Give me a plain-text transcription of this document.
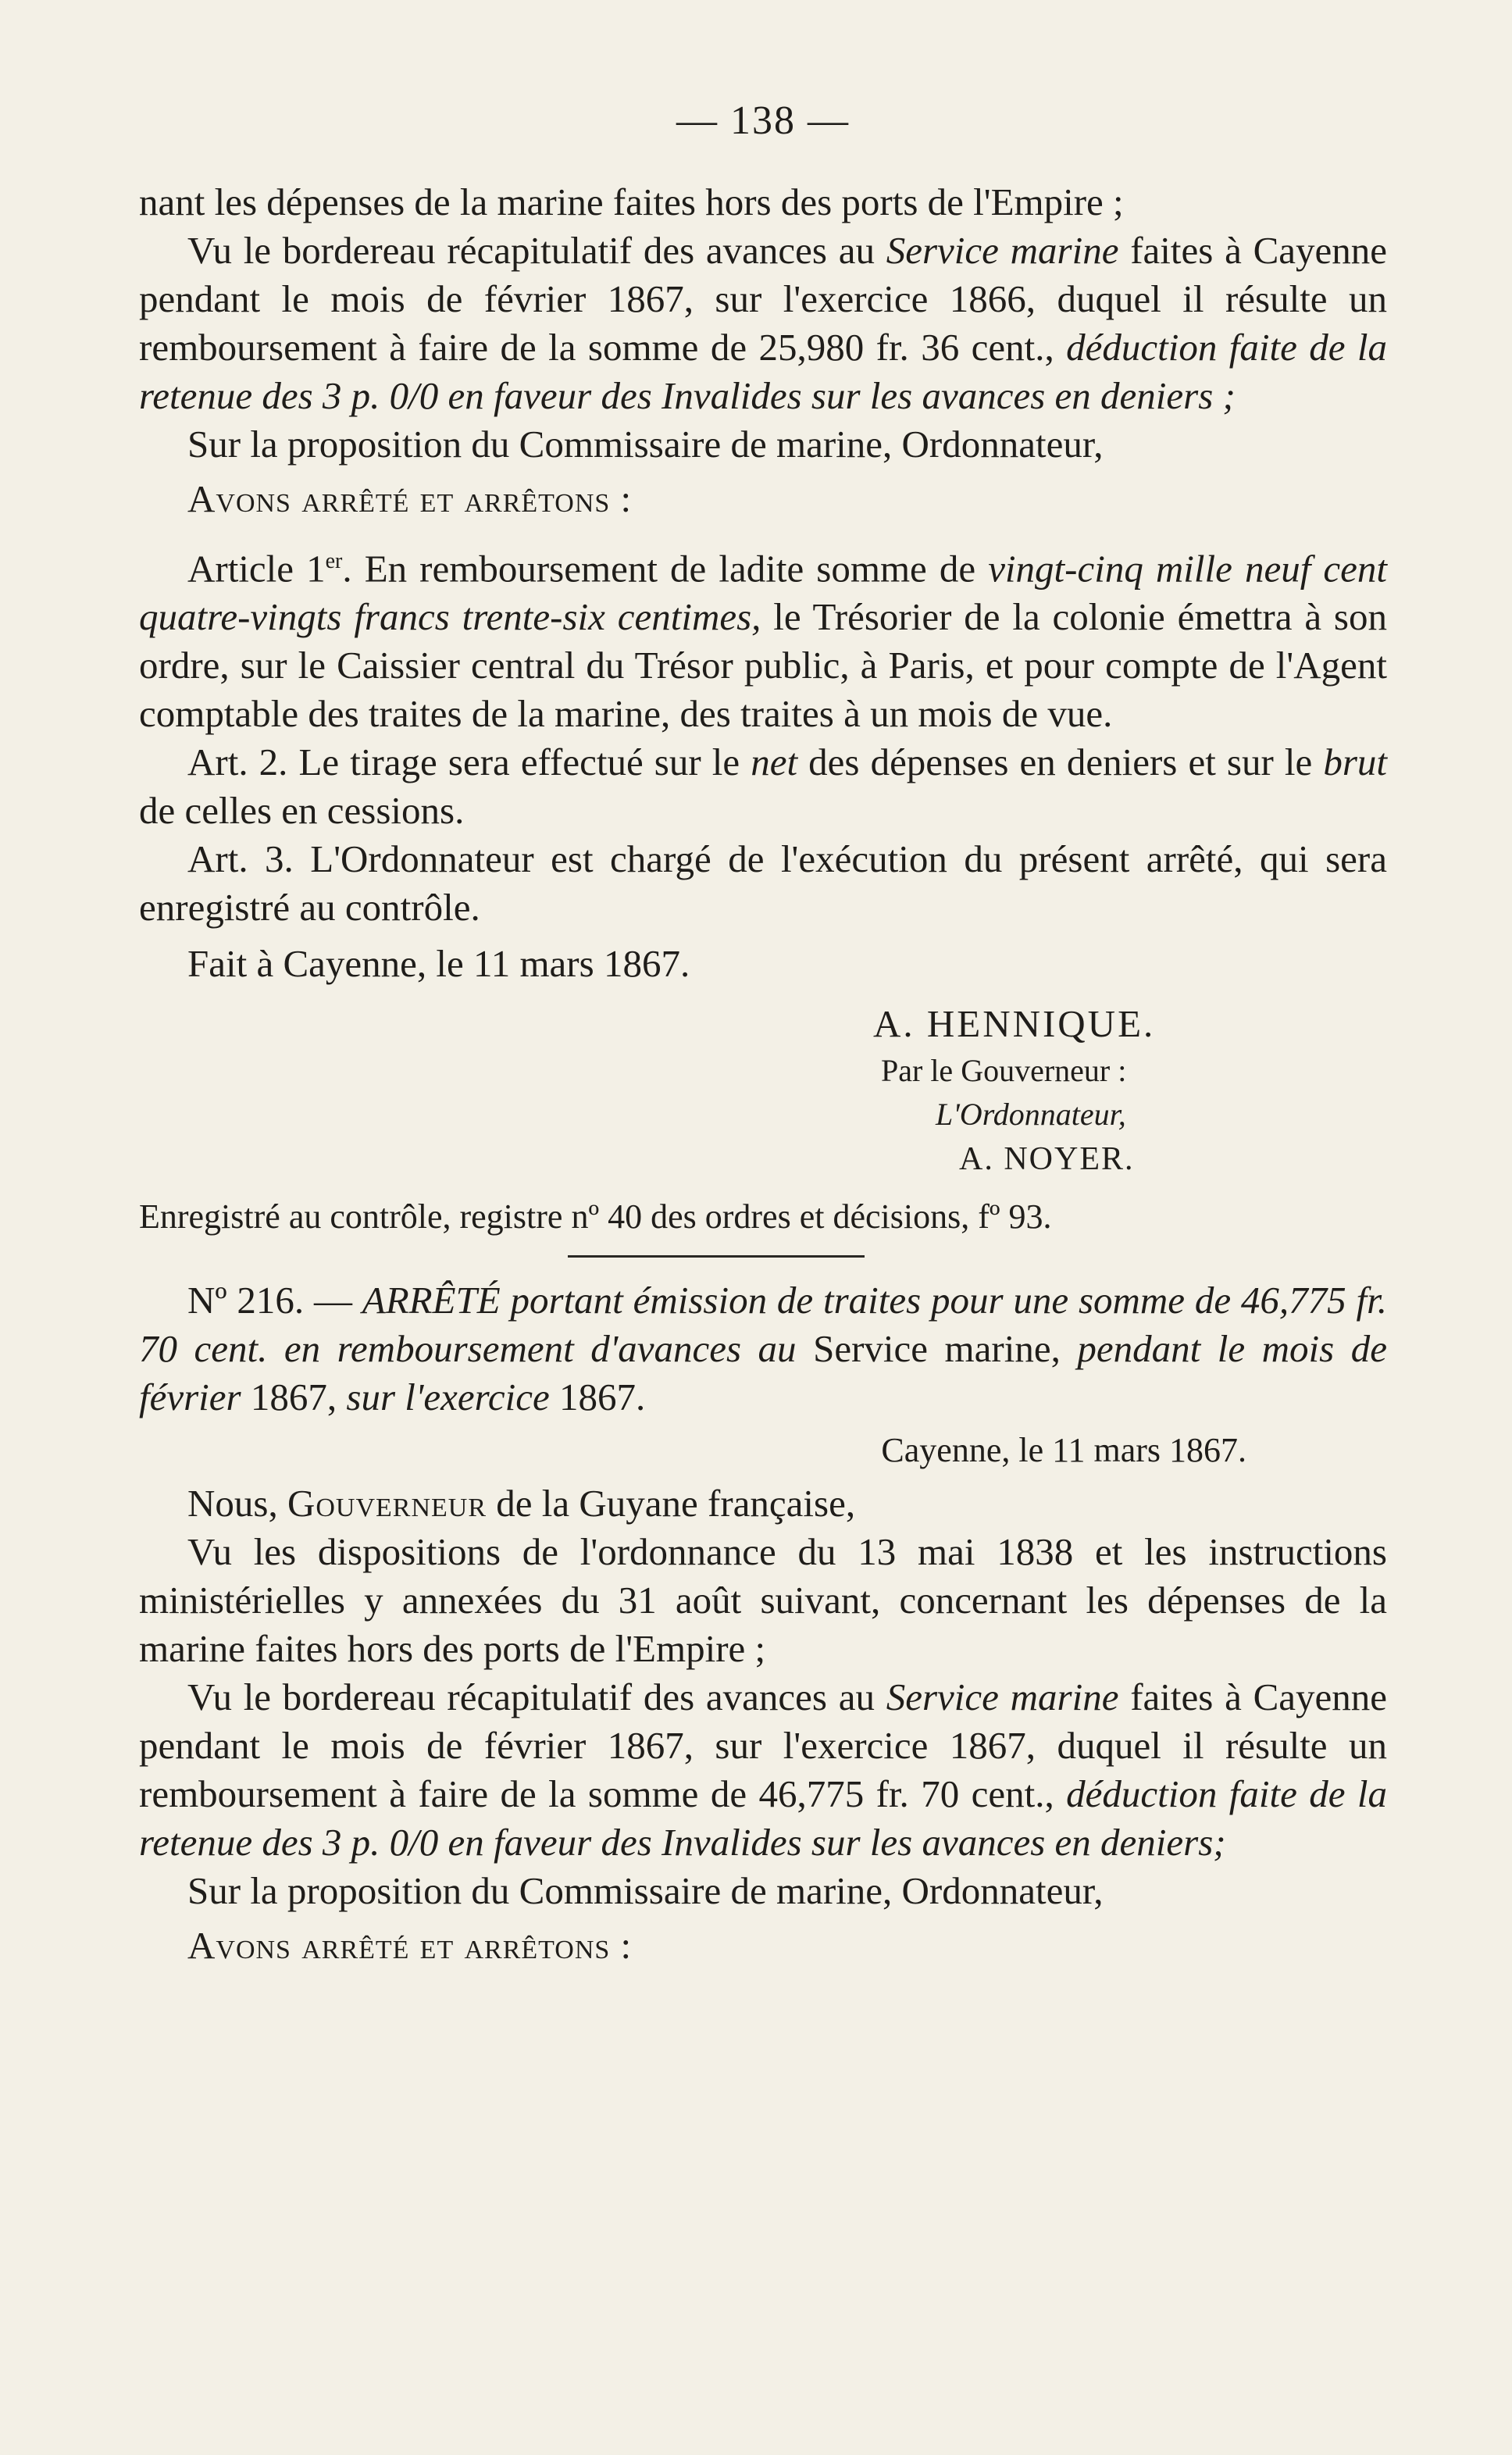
— 138 —

nant les dépenses de la marine faites hors des ports de l'Empire ;

Vu le bordereau récapitulatif des avances au Service marine faites à Cayenne pendant le mois de février 1867, sur l'exercice 1866, duquel il résulte un remboursement à faire de la somme de 25,980 fr. 36 cent., déduction faite de la retenue des 3 p. 0/0 en faveur des Invalides sur les avances en deniers ;

Sur la proposition du Commissaire de marine, Ordonnateur,

Avons arrêté et arrêtons :

Article 1er. En remboursement de ladite somme de vingt-cinq mille neuf cent quatre-vingts francs trente-six centimes, le Trésorier de la colonie émettra à son ordre, sur le Caissier central du Trésor public, à Paris, et pour compte de l'Agent comptable des traites de la marine, des traites à un mois de vue.

Art. 2. Le tirage sera effectué sur le net des dépenses en deniers et sur le brut de celles en cessions.

Art. 3. L'Ordonnateur est chargé de l'exécution du présent arrêté, qui sera enregistré au contrôle.

Fait à Cayenne, le 11 mars 1867.

A. HENNIQUE.
Par le Gouverneur :
L'Ordonnateur,
A. NOYER.

Enregistré au contrôle, registre nº 40 des ordres et décisions, fº 93.

Nº 216. — ARRÊTÉ portant émission de traites pour une somme de 46,775 fr. 70 cent. en remboursement d'avances au Service marine, pendant le mois de février 1867, sur l'exercice 1867.

Cayenne, le 11 mars 1867.

Nous, Gouverneur de la Guyane française,

Vu les dispositions de l'ordonnance du 13 mai 1838 et les instructions ministérielles y annexées du 31 août suivant, concernant les dépenses de la marine faites hors des ports de l'Empire ;

Vu le bordereau récapitulatif des avances au Service marine faites à Cayenne pendant le mois de février 1867, sur l'exercice 1867, duquel il résulte un remboursement à faire de la somme de 46,775 fr. 70 cent., déduction faite de la retenue des 3 p. 0/0 en faveur des Invalides sur les avances en deniers;

Sur la proposition du Commissaire de marine, Ordonnateur,

Avons arrêté et arrêtons :
